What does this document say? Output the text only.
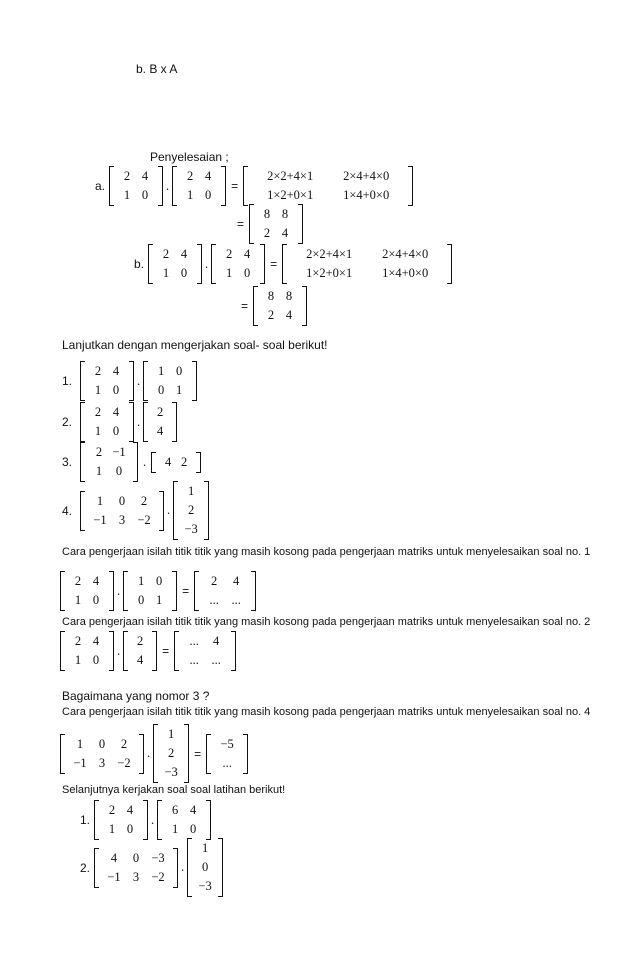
b. B x A
Penyelesaian ;
a.
2 4
1 0
.
2 4
1 0
=
2×2+4×1	2×4+4×0
1×2+0×1	1×4+0×0
=
8 8
2 4
b.
2 4
1 0
.
2 4
1 0
=
2×2+4×1	2×4+4×0
1×2+0×1	1×4+0×0
=
8 8
2 4
Lanjutkan dengan mengerjakan soal- soal berikut!
1.
2 4
1 0
.
1 0
0 1
2.
2 4
1 0
.
2
4
3.
2 −1
1	0
.	4 2
4.
1	0	2
−1 3 −2
.
1
2
−3
Cara pengerjaan isilah titik titik yang masih kosong pada pengerjaan matriks untuk menyelesaikan soal no. 1
2 4
1 0
.
1 0
0 1
=
2	4
...	...
Cara pengerjaan isilah titik titik yang masih kosong pada pengerjaan matriks untuk menyelesaikan soal no. 2
2 4
1 0
.
2
4
=
...	4
...	...
Bagaimana yang nomor 3 ?
Cara pengerjaan isilah titik titik yang masih kosong pada pengerjaan matriks untuk menyelesaikan soal no. 4
1	0	2
−1 3 −2
.
1
2
−3
=
−5
...
Selanjutnya kerjakan soal soal latihan berikut!
1.
2 4
1 0
.
6 4
1 0
2.
4	0 −3
−1 3 −2
.
1
0
−3
